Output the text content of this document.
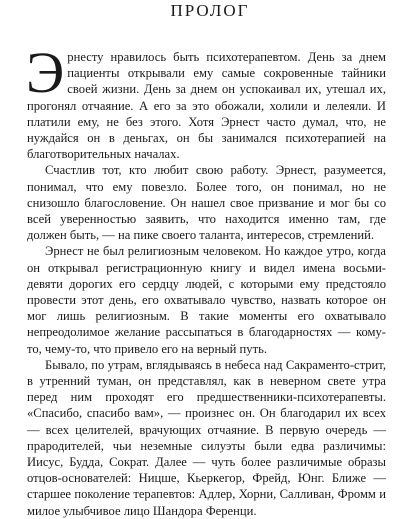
ПРОЛОГ

Эрнесту нравилось быть психотерапевтом. День за днем пациенты открывали ему самые сокровенные тайники своей жизни. День за днем он успокаивал их, утешал их, прогонял отчаяние. А его за это обожали, холили и лелеяли. И платили ему, не без этого. Хотя Эрнест часто думал, что, не нуждайся он в деньгах, он бы занимался психотерапией на благотворительных началах.

Счастлив тот, кто любит свою работу. Эрнест, разумеется, понимал, что ему повезло. Более того, он понимал, но не снизошло благословение. Он нашел свое призвание и мог бы со всей уверенностью заявить, что находится именно там, где должен быть, — на пике своего таланта, интересов, стремлений.

Эрнест не был религиозным человеком. Но каждое утро, когда он открывал регистрационную книгу и видел имена восьми-девяти дорогих его сердцу людей, с которыми ему предстояло провести этот день, его охватывало чувство, назвать которое он мог лишь религиозным. В такие моменты его охватывало непреодолимое желание рассыпаться в благодарностях — кому-то, чему-то, что привело его на верный путь.

Бывало, по утрам, вглядываясь в небеса над Сакраменто-стрит, в утренний туман, он представлял, как в неверном свете утра перед ним проходят его предшественники-психотерапевты. «Спасибо, спасибо вам», — произнес он. Он благодарил их всех — всех целителей, врачующих отчаяние. В первую очередь — прародителей, чьи неземные силуэты были едва различимы: Иисус, Будда, Сократ. Далее — чуть более различимые образы отцов-основателей: Ницше, Кьеркегор, Фрейд, Юнг. Ближе — старшее поколение терапевтов: Адлер, Хорни, Салливан, Фромм и милое улыбчивое лицо Шандора Ференци.
